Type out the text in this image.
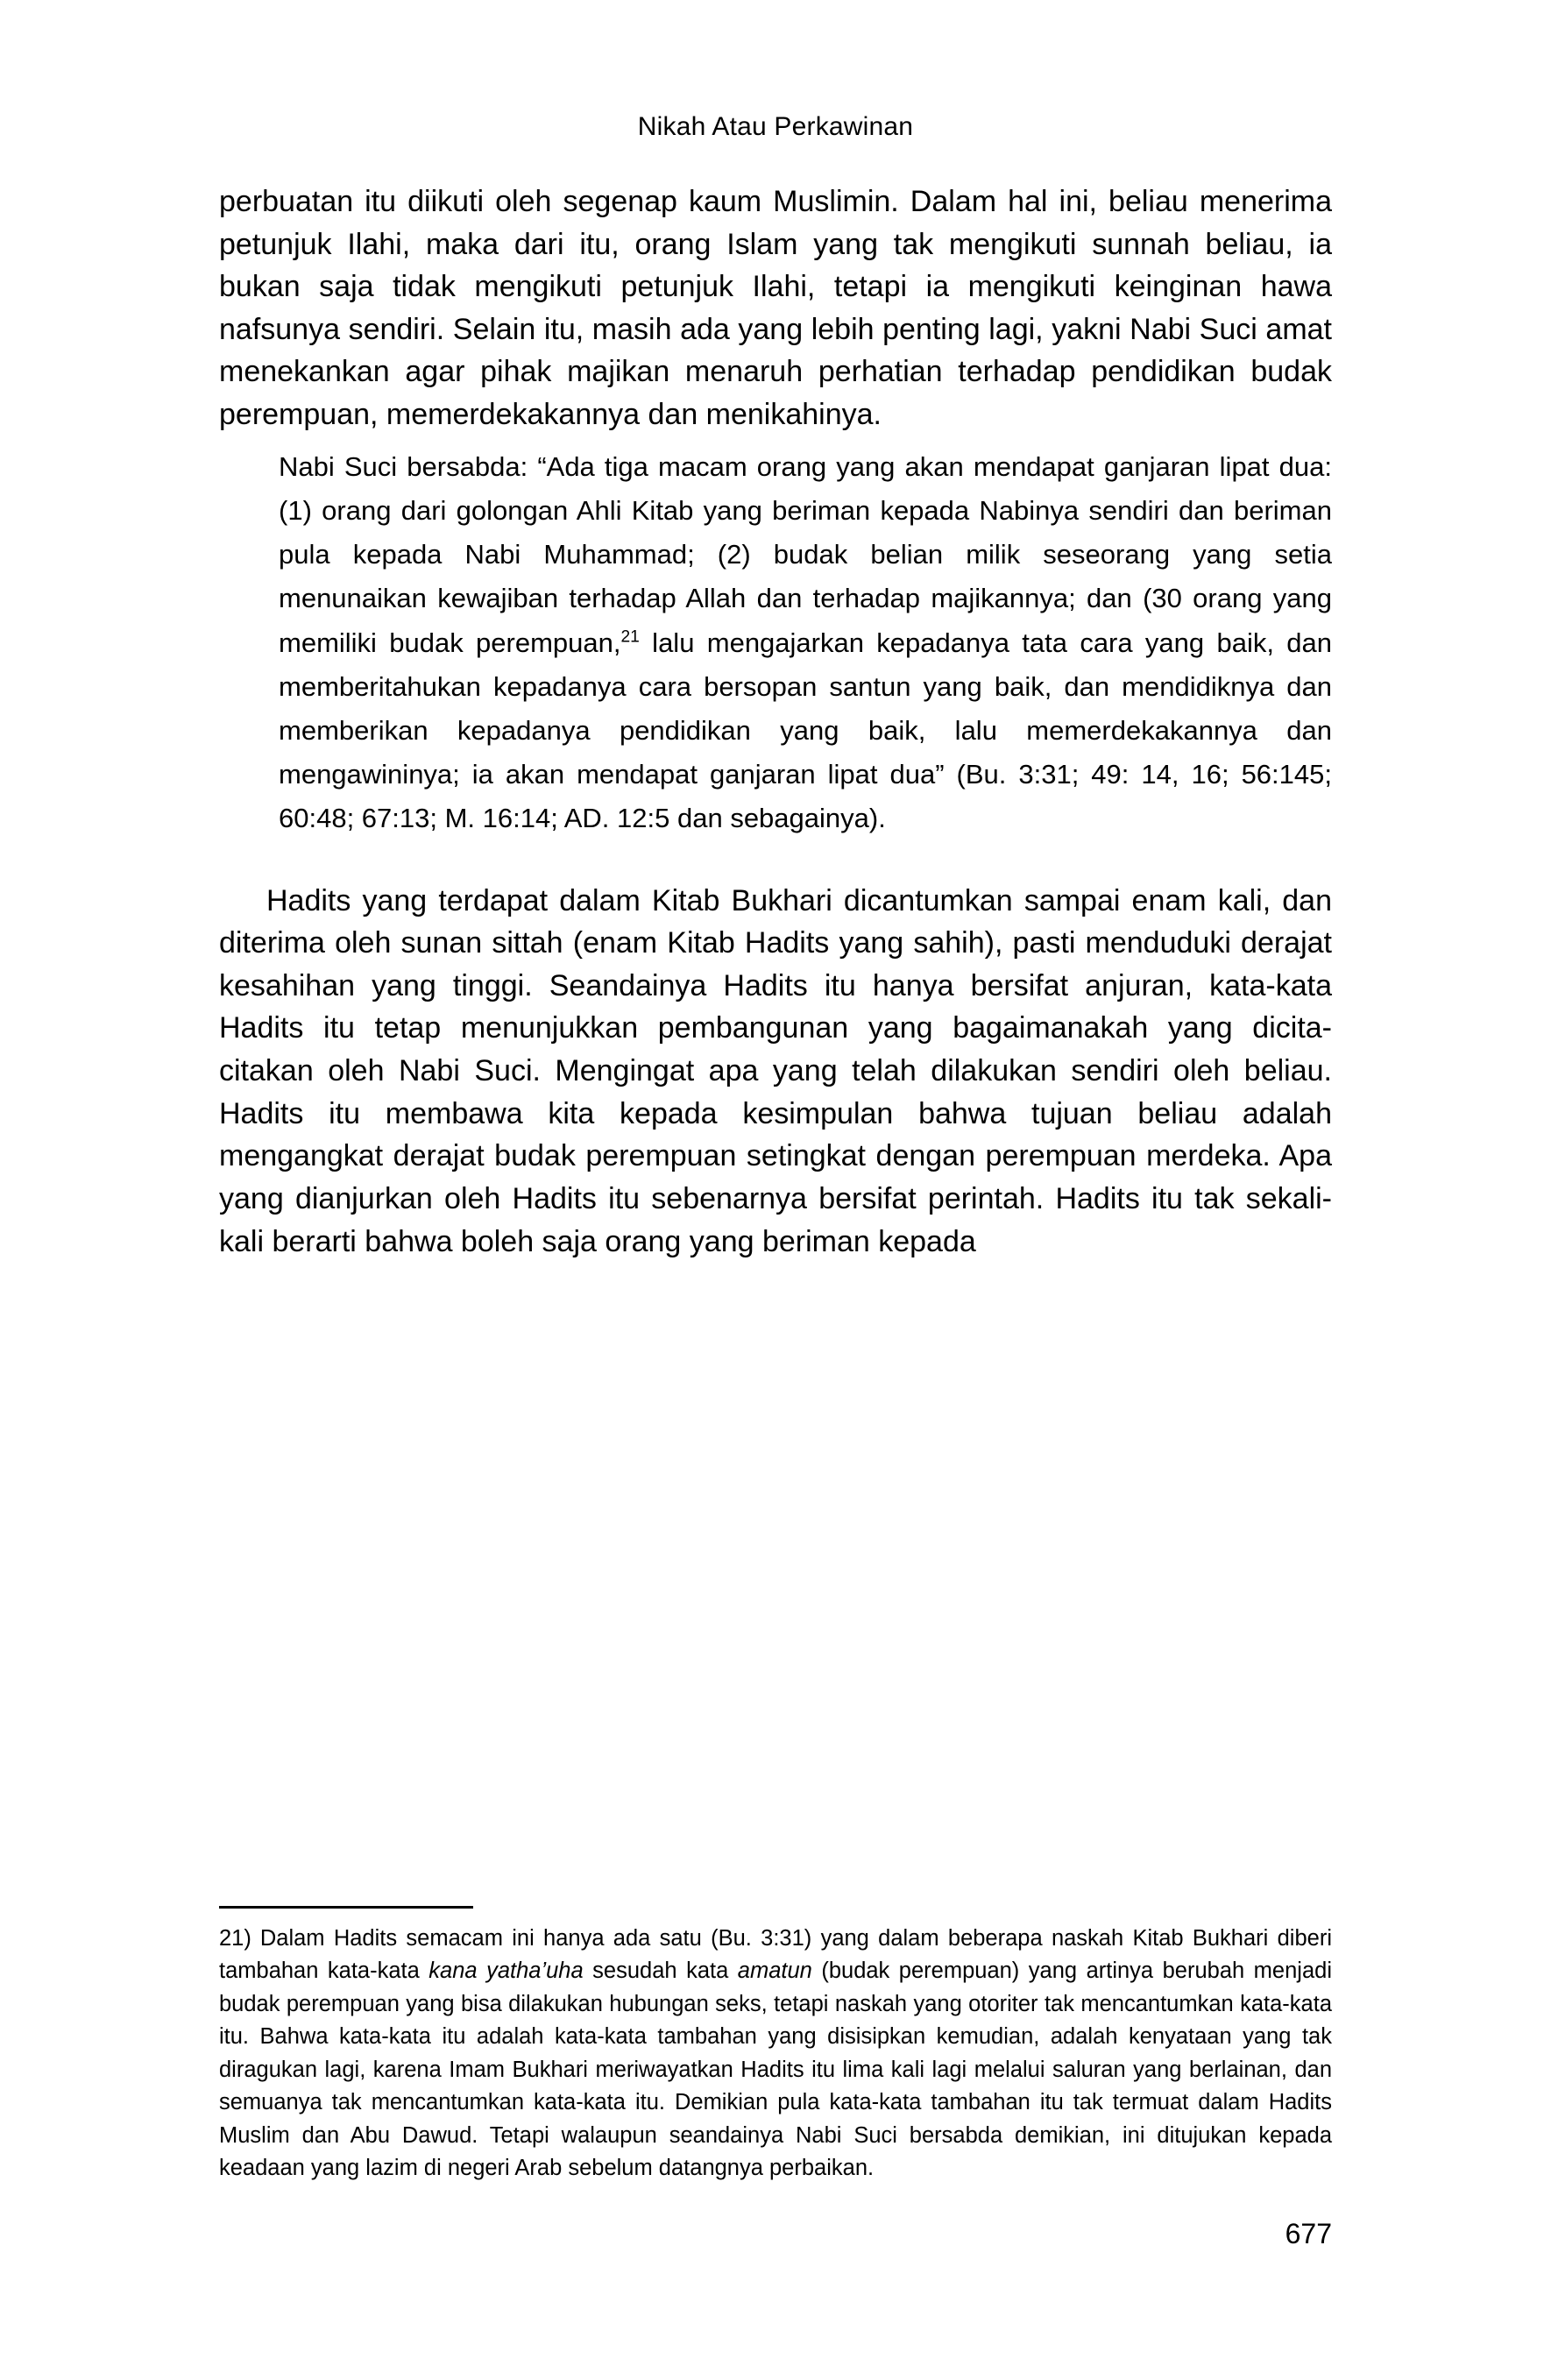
Nikah Atau Perkawinan

perbuatan itu diikuti oleh segenap kaum Muslimin. Dalam hal ini, beliau menerima petunjuk Ilahi, maka dari itu, orang Islam yang tak mengikuti sunnah beliau, ia bukan saja tidak mengikuti petunjuk Ilahi, tetapi ia mengikuti keinginan hawa nafsunya sendiri. Selain itu, masih ada yang lebih penting lagi, yakni Nabi Suci amat menekankan agar pihak majikan menaruh perhatian terhadap pendidikan budak perempuan, memerdekakannya dan menikahinya.

Nabi Suci bersabda: “Ada tiga macam orang yang akan mendapat ganjaran lipat dua: (1) orang dari golongan Ahli Kitab yang beriman kepada Nabinya sendiri dan beriman pula kepada Nabi Muhammad; (2) budak belian milik seseorang yang setia menunaikan kewajiban terhadap Allah dan terhadap majikannya; dan (30 orang yang memiliki budak perempuan,$^{21}$ lalu mengajarkan kepadanya tata cara yang baik, dan memberitahukan kepadanya cara bersopan santun yang baik, dan mendidiknya dan memberikan kepadanya pendidikan yang baik, lalu memerdekakannya dan mengawininya; ia akan mendapat ganjaran lipat dua” (Bu. 3:31; 49: 14, 16; 56:145; 60:48; 67:13; M. 16:14; AD. 12:5 dan sebagainya).

Hadits yang terdapat dalam Kitab Bukhari dicantumkan sampai enam kali, dan diterima oleh sunan sittah (enam Kitab Hadits yang sahih), pasti menduduki derajat kesahihan yang tinggi. Seandainya Hadits itu hanya bersifat anjuran, kata-kata Hadits itu tetap menunjukkan pembangunan yang bagaimanakah yang dicita-citakan oleh Nabi Suci. Mengingat apa yang telah dilakukan sendiri oleh beliau. Hadits itu membawa kita kepada kesimpulan bahwa tujuan beliau adalah mengangkat derajat budak perempuan setingkat dengan perempuan merdeka. Apa yang dianjurkan oleh Hadits itu sebenarnya bersifat perintah. Hadits itu tak sekali-kali berarti bahwa boleh saja orang yang beriman kepada

21) Dalam Hadits semacam ini hanya ada satu (Bu. 3:31) yang dalam beberapa naskah Kitab Bukhari diberi tambahan kata-kata kana yatha’uha sesudah kata amatun (budak perempuan) yang artinya berubah menjadi budak perempuan yang bisa dilakukan hubungan seks, tetapi naskah yang otoriter tak mencantumkan kata-kata itu. Bahwa kata-kata itu adalah kata-kata tambahan yang disisipkan kemudian, adalah kenyataan yang tak diragukan lagi, karena Imam Bukhari meriwayatkan Hadits itu lima kali lagi melalui saluran yang berlainan, dan semuanya tak mencantumkan kata-kata itu. Demikian pula kata-kata tambahan itu tak termuat dalam Hadits Muslim dan Abu Dawud. Tetapi walaupun seandainya Nabi Suci bersabda demikian, ini ditujukan kepada keadaan yang lazim di negeri Arab sebelum datangnya perbaikan.

677
